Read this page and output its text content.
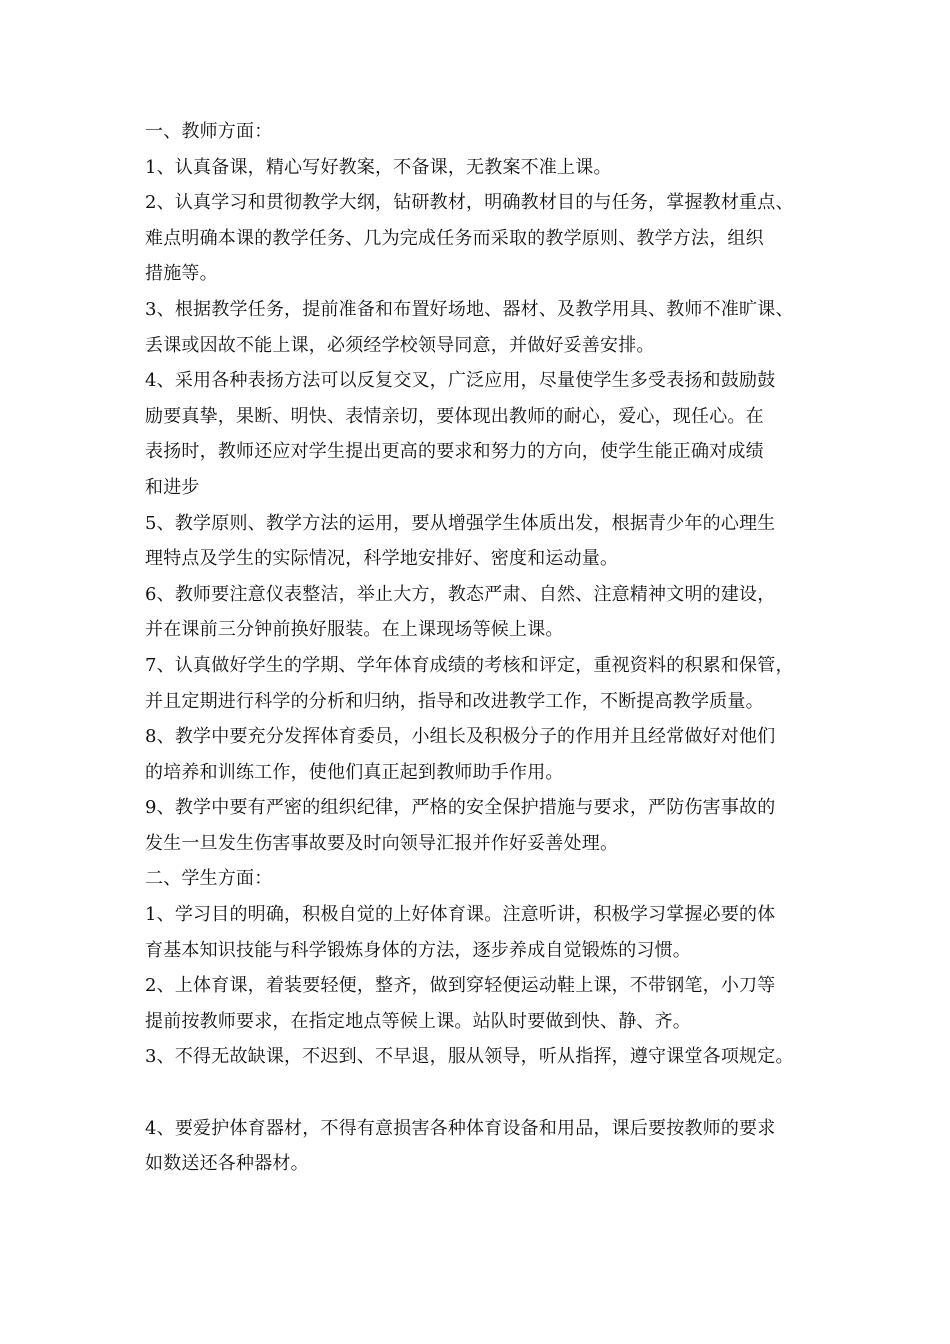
一、教师方面：
1、认真备课，精心写好教案，不备课，无教案不准上课。
2、认真学习和贯彻教学大纲，钻研教材，明确教材目的与任务，掌握教材重点、
难点明确本课的教学任务、几为完成任务而采取的教学原则、教学方法，组织
措施等。
3、根据教学任务，提前准备和布置好场地、器材、及教学用具、教师不准旷课、
丢课或因故不能上课，必须经学校领导同意，并做好妥善安排。
4、采用各种表扬方法可以反复交叉，广泛应用，尽量使学生多受表扬和鼓励鼓
励要真挚，果断、明快、表情亲切，要体现出教师的耐心，爱心，现任心。在
表扬时，教师还应对学生提出更高的要求和努力的方向，使学生能正确对成绩
和进步
5、教学原则、教学方法的运用，要从增强学生体质出发，根据青少年的心理生
理特点及学生的实际情况，科学地安排好、密度和运动量。
6、教师要注意仪表整洁，举止大方，教态严肃、自然、注意精神文明的建设，
并在课前三分钟前换好服装。在上课现场等候上课。
7、认真做好学生的学期、学年体育成绩的考核和评定，重视资料的积累和保管，
并且定期进行科学的分析和归纳，指导和改进教学工作，不断提高教学质量。
8、教学中要充分发挥体育委员，小组长及积极分子的作用并且经常做好对他们
的培养和训练工作，使他们真正起到教师助手作用。
9、教学中要有严密的组织纪律，严格的安全保护措施与要求，严防伤害事故的
发生一旦发生伤害事故要及时向领导汇报并作好妥善处理。
二、学生方面：
1、学习目的明确，积极自觉的上好体育课。注意听讲，积极学习掌握必要的体
育基本知识技能与科学锻炼身体的方法，逐步养成自觉锻炼的习惯。
2、上体育课，着装要轻便，整齐，做到穿轻便运动鞋上课，不带钢笔，小刀等
提前按教师要求，在指定地点等候上课。站队时要做到快、静、齐。
3、不得无故缺课，不迟到、不早退，服从领导，听从指挥，遵守课堂各项规定。
4、要爱护体育器材，不得有意损害各种体育设备和用品，课后要按教师的要求
如数送还各种器材。
